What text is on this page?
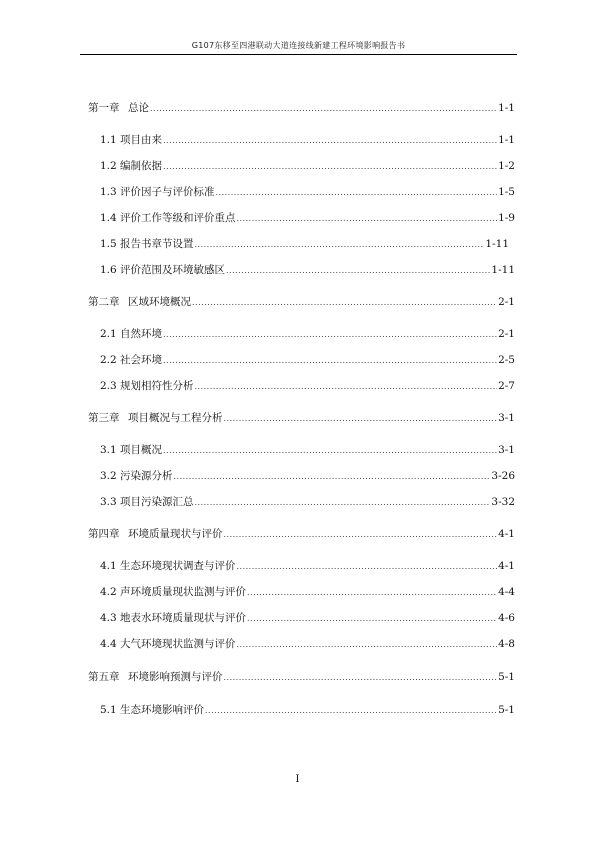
G107东移至四港联动大道连接线新建工程环境影响报告书
第一章 总论 .....	1-1
1.1 项目由来 .....	1-1
1.2 编制依据 .....	1-2
1.3 评价因子与评价标准 .....	1-5
1.4 评价工作等级和评价重点 .....	1-9
1.5 报告书章节设置 .....	1-11
1.6 评价范围及环境敏感区 .....	1-11
第二章 区域环境概况 .....	2-1
2.1 自然环境 .....	2-1
2.2 社会环境 .....	2-5
2.3 规划相符性分析 .....	2-7
第三章 项目概况与工程分析 .....	3-1
3.1 项目概况 .....	3-1
3.2 污染源分析 .....	3-26
3.3 项目污染源汇总 .....	3-32
第四章 环境质量现状与评价 .....	4-1
4.1 生态环境现状调查与评价 .....	4-1
4.2 声环境质量现状监测与评价 .....	4-4
4.3 地表水环境质量现状与评价 .....	4-6
4.4 大气环境现状监测与评价 .....	4-8
第五章 环境影响预测与评价 .....	5-1
5.1 生态环境影响评价 .....	5-1
I
